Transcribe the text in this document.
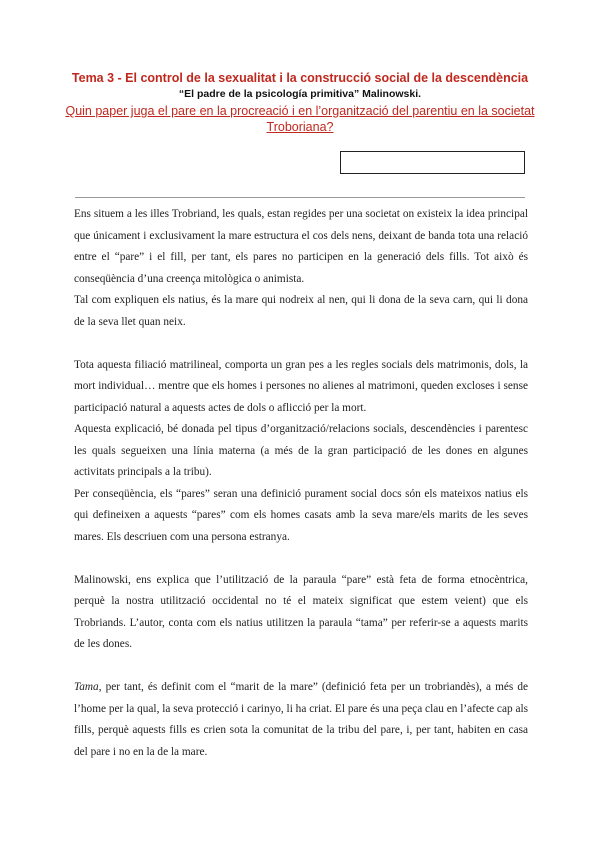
Tema 3 - El control de la sexualitat i la construcció social de la descendència
“El padre de la psicología primitiva” Malinowski.
Quin paper juga el pare en la procreació i en l’organització del parentiu en la societat Troboriana?

Ens situem a les illes Trobriand, les quals, estan regides per una societat on existeix la idea principal que únicament i exclusivament la mare estructura el cos dels nens, deixant de banda tota una relació entre el “pare” i el fill, per tant, els pares no participen en la generació dels fills. Tot això és conseqüència d’una creença mitològica o animista.

Tal com expliquen els natius, és la mare qui nodreix al nen, qui li dona de la seva carn, qui li dona de la seva llet quan neix.

Tota aquesta filiació matrilineal, comporta un gran pes a les regles socials dels matrimonis, dols, la mort individual… mentre que els homes i persones no alienes al matrimoni, queden excloses i sense participació natural a aquests actes de dols o aflicció per la mort.

Aquesta explicació, bé donada pel tipus d’organització/relacions socials, descendències i parentesc les quals segueixen una línia materna (a més de la gran participació de les dones en algunes activitats principals a la tribu).

Per conseqüència, els “pares” seran una definició purament social docs són els mateixos natius els qui defineixen a aquests “pares” com els homes casats amb la seva mare/els marits de les seves mares. Els descriuen com una persona estranya.

Malinowski, ens explica que l’utilització de la paraula “pare” està feta de forma etnocèntrica, perquè la nostra utilització occidental no té el mateix significat que estem veient) que els Trobriands. L’autor, conta com els natius utilitzen la paraula “tama” per referir-se a aquests marits de les dones.

Tama, per tant, és definit com el “marit de la mare” (definició feta per un trobriandès), a més de l’home per la qual, la seva protecció i carinyo, li ha criat. El pare és una peça clau en l’afecte cap als fills, perquè aquests fills es crien sota la comunitat de la tribu del pare, i, per tant, habiten en casa del pare i no en la de la mare.
